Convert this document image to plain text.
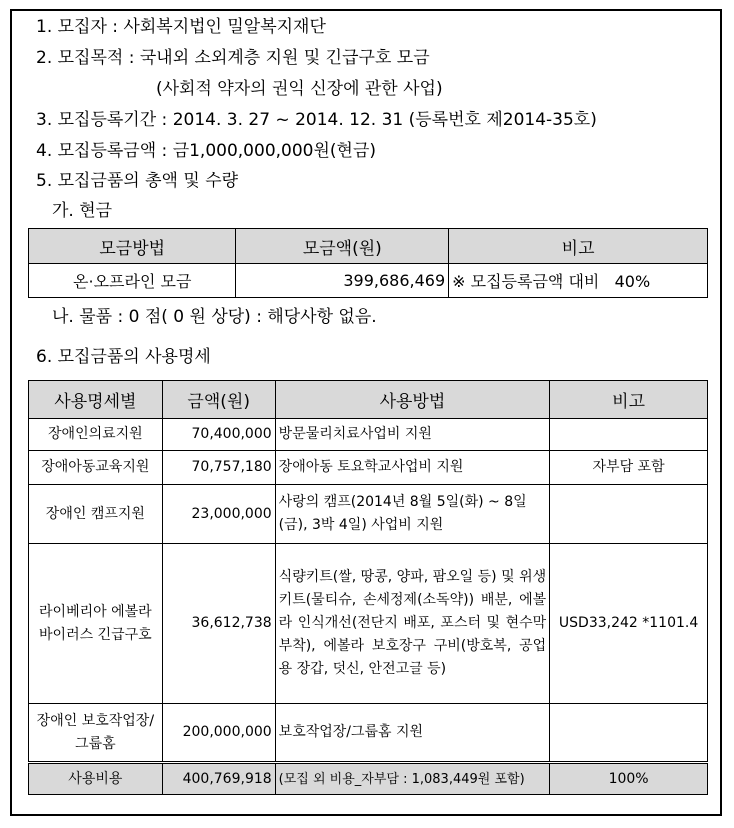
1. 모집자 : 사회복지법인 밀알복지재단
2. 모집목적 : 국내외 소외계층 지원 및 긴급구호 모금
(사회적 약자의 권익 신장에 관한 사업)
3. 모집등록기간 : 2014. 3. 27 ~ 2014. 12. 31 (등록번호 제2014-35호)
4. 모집등록금액 : 금1,000,000,000원(현금)
5. 모집금품의 총액 및 수량
가. 현금
모금방법	모금액(원)	비고
온·오프라인 모금	399,686,469	※ 모집등록금액 대비   40%
나. 물품 : 0 점( 0 원 상당) : 해당사항 없음.
6. 모집금품의 사용명세
사용명세별	금액(원)	사용방법	비고
장애인의료지원	70,400,000	방문물리치료사업비 지원	
장애아동교육지원	70,757,180	장애아동 토요학교사업비 지원	자부담 포함
장애인 캠프지원	23,000,000	사랑의 캠프(2014년 8월 5일(화) ~ 8일(금), 3박 4일) 사업비 지원	
라이베리아 에볼라 바이러스 긴급구호	36,612,738	식량키트(쌀, 땅콩, 양파, 팜오일 등) 및 위생키트(물티슈, 손세정제(소독약)) 배분, 에볼라 인식개선(전단지 배포, 포스터 및 현수막 부착), 에볼라 보호장구 구비(방호복, 공업용 장갑, 덧신, 안전고글 등)	USD33,242 *1101.4
장애인 보호작업장/그룹홈	200,000,000	보호작업장/그룹홈 지원	
사용비용	400,769,918	(모집 외 비용_자부담 : 1,083,449원 포함)	100%
